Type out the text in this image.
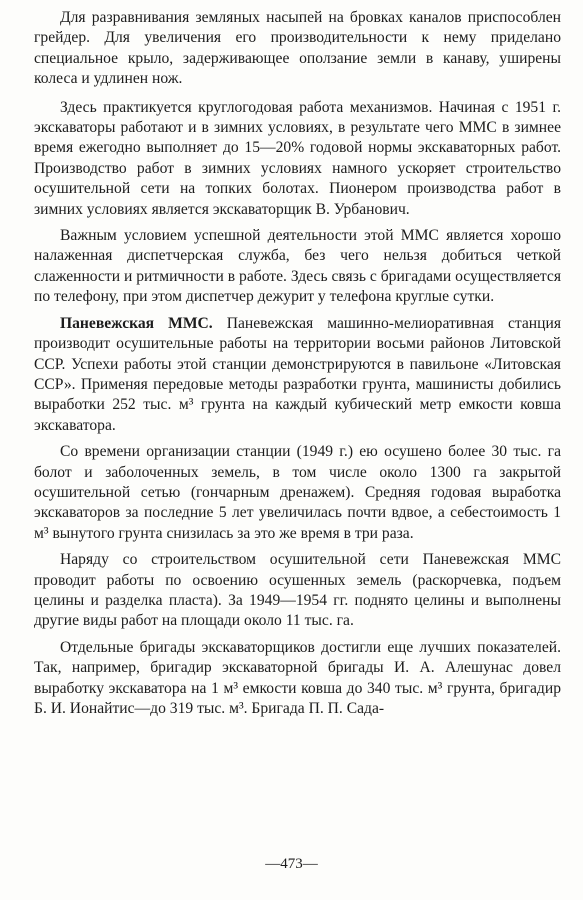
Для разравнивания земляных насыпей на бровках каналов приспособлен грейдер. Для увеличения его производительности к нему приделано специальное крыло, задерживающее оползание земли в канаву, уширены колеса и удлинен нож.

Здесь практикуется круглогодовая работа механизмов. Начиная с 1951 г. экскаваторы работают и в зимних условиях, в результате чего ММС в зимнее время ежегодно выполняет до 15—20% годовой нормы экскаваторных работ. Производство работ в зимних условиях намного ускоряет строительство осушительной сети на топких болотах. Пионером производства работ в зимних условиях является экскаваторщик В. Урбанович.

Важным условием успешной деятельности этой ММС является хорошо налаженная диспетчерская служба, без чего нельзя добиться четкой слаженности и ритмичности в работе. Здесь связь с бригадами осуществляется по телефону, при этом диспетчер дежурит у телефона круглые сутки.

Паневежская ММС. Паневежская машинно-мелиоративная станция производит осушительные работы на территории восьми районов Литовской ССР. Успехи работы этой станции демонстрируются в павильоне «Литовская ССР». Применяя передовые методы разработки грунта, машинисты добились выработки 252 тыс. м³ грунта на каждый кубический метр емкости ковша экскаватора.

Со времени организации станции (1949 г.) ею осушено более 30 тыс. га болот и заболоченных земель, в том числе около 1300 га закрытой осушительной сетью (гончарным дренажем). Средняя годовая выработка экскаваторов за последние 5 лет увеличилась почти вдвое, а себестоимость 1 м³ вынутого грунта снизилась за это же время в три раза.

Наряду со строительством осушительной сети Паневежская ММС проводит работы по освоению осушенных земель (раскорчевка, подъем целины и разделка пласта). За 1949—1954 гг. поднято целины и выполнены другие виды работ на площади около 11 тыс. га.

Отдельные бригады экскаваторщиков достигли еще лучших показателей. Так, например, бригадир экскаваторной бригады И. А. Алешунас довел выработку экскаватора на 1 м³ емкости ковша до 340 тыс. м³ грунта, бригадир Б. И. Ионайтис—до 319 тыс. м³. Бригада П. П. Сада-

—473—
